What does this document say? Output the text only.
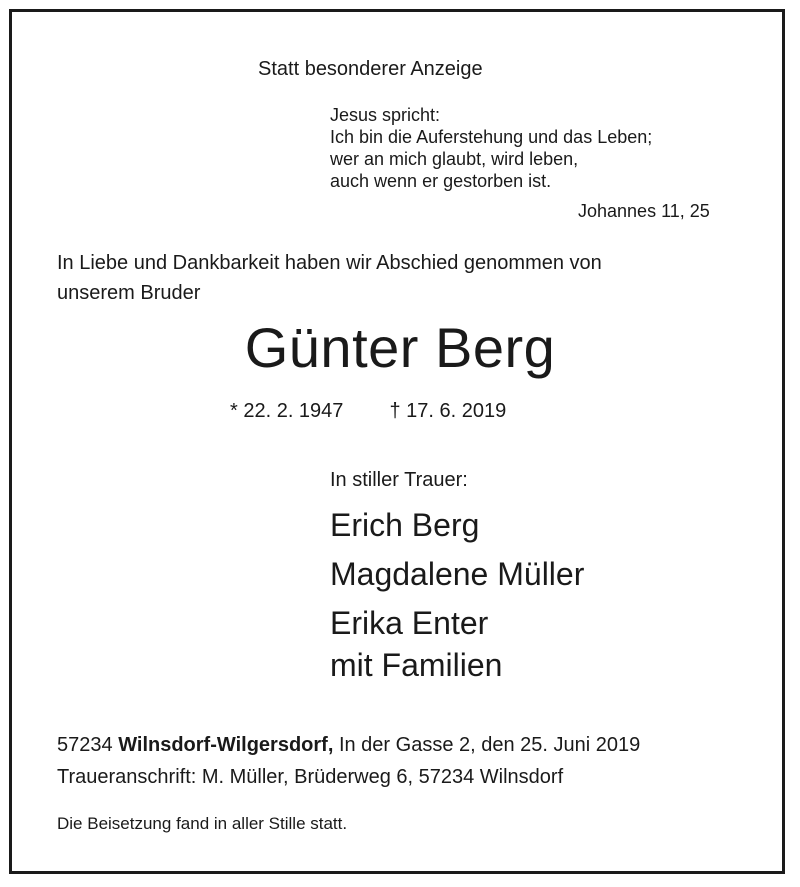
Statt besonderer Anzeige
Jesus spricht:
Ich bin die Auferstehung und das Leben;
wer an mich glaubt, wird leben,
auch wenn er gestorben ist.
Johannes 11, 25
In Liebe und Dankbarkeit haben wir Abschied genommen von
unserem Bruder
Günter Berg
* 22. 2. 1947 † 17. 6. 2019
In stiller Trauer:
Erich Berg
Magdalene Müller
Erika Enter
mit Familien
57234 Wilnsdorf-Wilgersdorf, In der Gasse 2, den 25. Juni 2019
Traueranschrift: M. Müller, Brüderweg 6, 57234 Wilnsdorf
Die Beisetzung fand in aller Stille statt.
